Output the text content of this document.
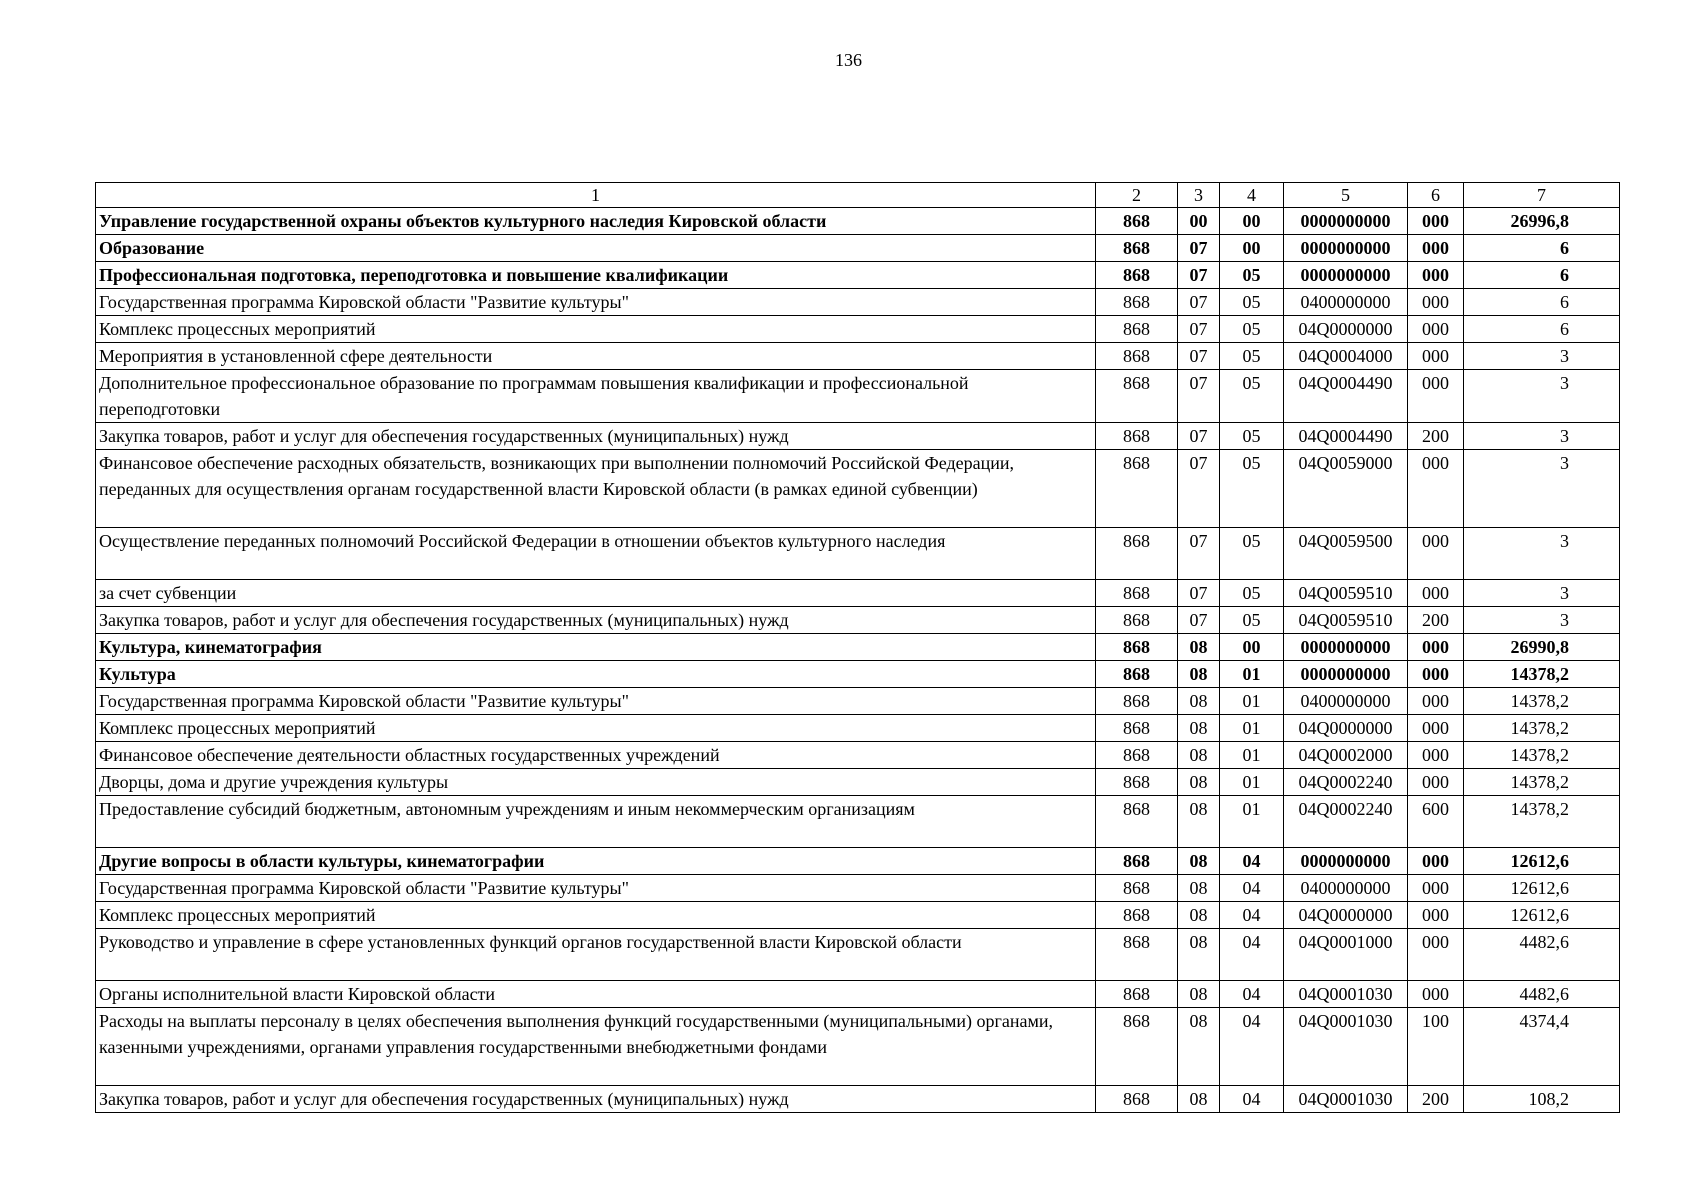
136
1	2	3	4	5	6	7
Управление государственной охраны объектов культурного наследия Кировской области	868	00	00	0000000000	000	26996,8
Образование	868	07	00	0000000000	000	6
Профессиональная подготовка, переподготовка и повышение квалификации	868	07	05	0000000000	000	6
Государственная программа Кировской области "Развитие культуры"	868	07	05	0400000000	000	6
Комплекс процессных мероприятий	868	07	05	04Q0000000	000	6
Мероприятия в установленной сфере деятельности	868	07	05	04Q0004000	000	3
Дополнительное профессиональное образование по программам повышения квалификации и профессиональной переподготовки	868	07	05	04Q0004490	000	3
Закупка товаров, работ и услуг для обеспечения государственных (муниципальных) нужд	868	07	05	04Q0004490	200	3
Финансовое обеспечение расходных обязательств, возникающих при выполнении полномочий Российской Федерации, переданных для осуществления органам государственной власти Кировской области (в рамках единой субвенции)	868	07	05	04Q0059000	000	3
Осуществление переданных полномочий Российской Федерации в отношении объектов культурного наследия	868	07	05	04Q0059500	000	3
за счет субвенции	868	07	05	04Q0059510	000	3
Закупка товаров, работ и услуг для обеспечения государственных (муниципальных) нужд	868	07	05	04Q0059510	200	3
Культура, кинематография	868	08	00	0000000000	000	26990,8
Культура	868	08	01	0000000000	000	14378,2
Государственная программа Кировской области "Развитие культуры"	868	08	01	0400000000	000	14378,2
Комплекс процессных мероприятий	868	08	01	04Q0000000	000	14378,2
Финансовое обеспечение деятельности областных государственных учреждений	868	08	01	04Q0002000	000	14378,2
Дворцы, дома и другие учреждения культуры	868	08	01	04Q0002240	000	14378,2
Предоставление субсидий бюджетным, автономным учреждениям и иным некоммерческим организациям	868	08	01	04Q0002240	600	14378,2
Другие вопросы в области культуры, кинематографии	868	08	04	0000000000	000	12612,6
Государственная программа Кировской области "Развитие культуры"	868	08	04	0400000000	000	12612,6
Комплекс процессных мероприятий	868	08	04	04Q0000000	000	12612,6
Руководство и управление в сфере установленных функций органов государственной власти Кировской области	868	08	04	04Q0001000	000	4482,6
Органы исполнительной власти Кировской области	868	08	04	04Q0001030	000	4482,6
Расходы на выплаты персоналу в целях обеспечения выполнения функций государственными (муниципальными) органами, казенными учреждениями, органами управления государственными внебюджетными фондами	868	08	04	04Q0001030	100	4374,4
Закупка товаров, работ и услуг для обеспечения государственных (муниципальных) нужд	868	08	04	04Q0001030	200	108,2
